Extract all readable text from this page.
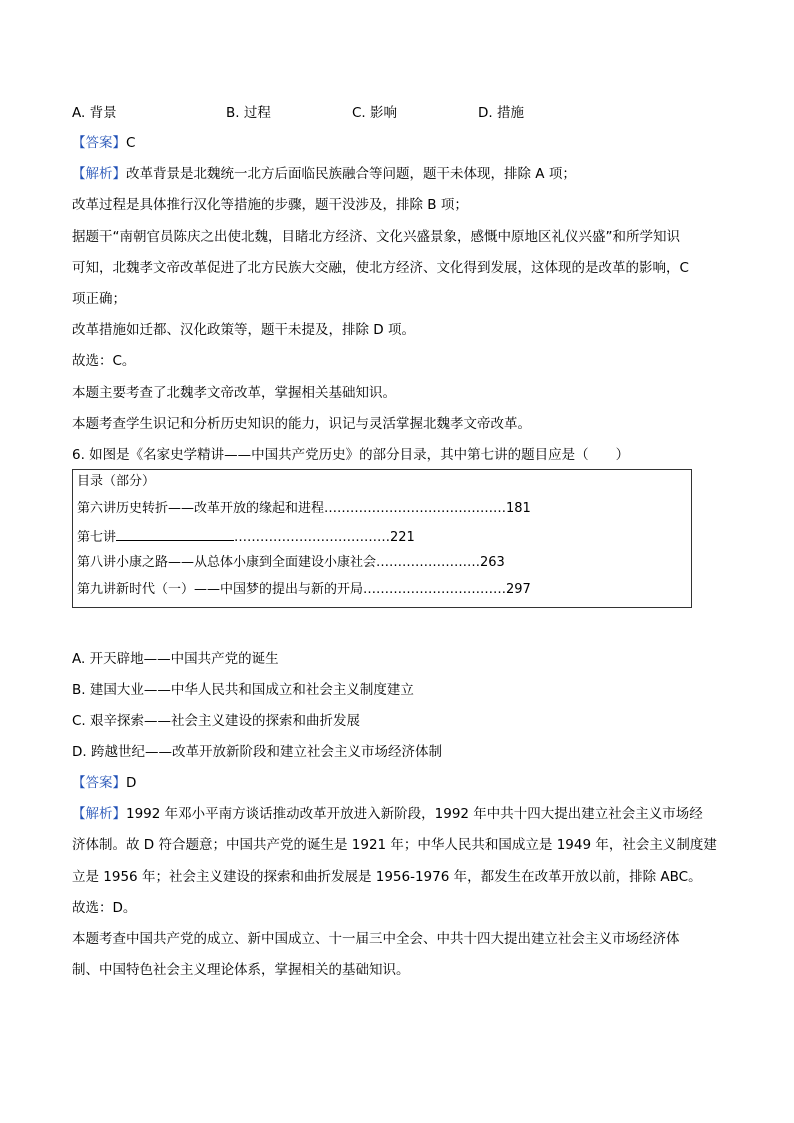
A. 背景	B. 过程	C. 影响	D. 措施
【答案】C
【解析】改革背景是北魏统一北方后面临民族融合等问题，题干未体现，排除 A 项；
改革过程是具体推行汉化等措施的步骤，题干没涉及，排除 B 项；
据题干“南朝官员陈庆之出使北魏，目睹北方经济、文化兴盛景象，感慨中原地区礼仪兴盛”和所学知识
可知，北魏孝文帝改革促进了北方民族大交融，使北方经济、文化得到发展，这体现的是改革的影响，C
项正确；
改革措施如迁都、汉化政策等，题干未提及，排除 D 项。
故选：C。
本题主要考查了北魏孝文帝改革，掌握相关基础知识。
本题考查学生识记和分析历史知识的能力，识记与灵活掌握北魏孝文帝改革。
6. 如图是《名家史学精讲——中国共产党历史》的部分目录，其中第七讲的题目应是（　　）
目录（部分）
第六讲历史转折——改革开放的缘起和进程……………………………………181
第七讲	………………………………221
第八讲小康之路——从总体小康到全面建设小康社会……………………263
第九讲新时代（一）——中国梦的提出与新的开局……………………………297
A. 开天辟地——中国共产党的诞生
B. 建国大业——中华人民共和国成立和社会主义制度建立
C. 艰辛探索——社会主义建设的探索和曲折发展
D. 跨越世纪——改革开放新阶段和建立社会主义市场经济体制
【答案】D
【解析】1992 年邓小平南方谈话推动改革开放进入新阶段，1992 年中共十四大提出建立社会主义市场经
济体制。故 D 符合题意；中国共产党的诞生是 1921 年；中华人民共和国成立是 1949 年，社会主义制度建
立是 1956 年；社会主义建设的探索和曲折发展是 1956-1976 年，都发生在改革开放以前，排除 ABC。
故选：D。
本题考查中国共产党的成立、新中国成立、十一届三中全会、中共十四大提出建立社会主义市场经济体
制、中国特色社会主义理论体系，掌握相关的基础知识。
